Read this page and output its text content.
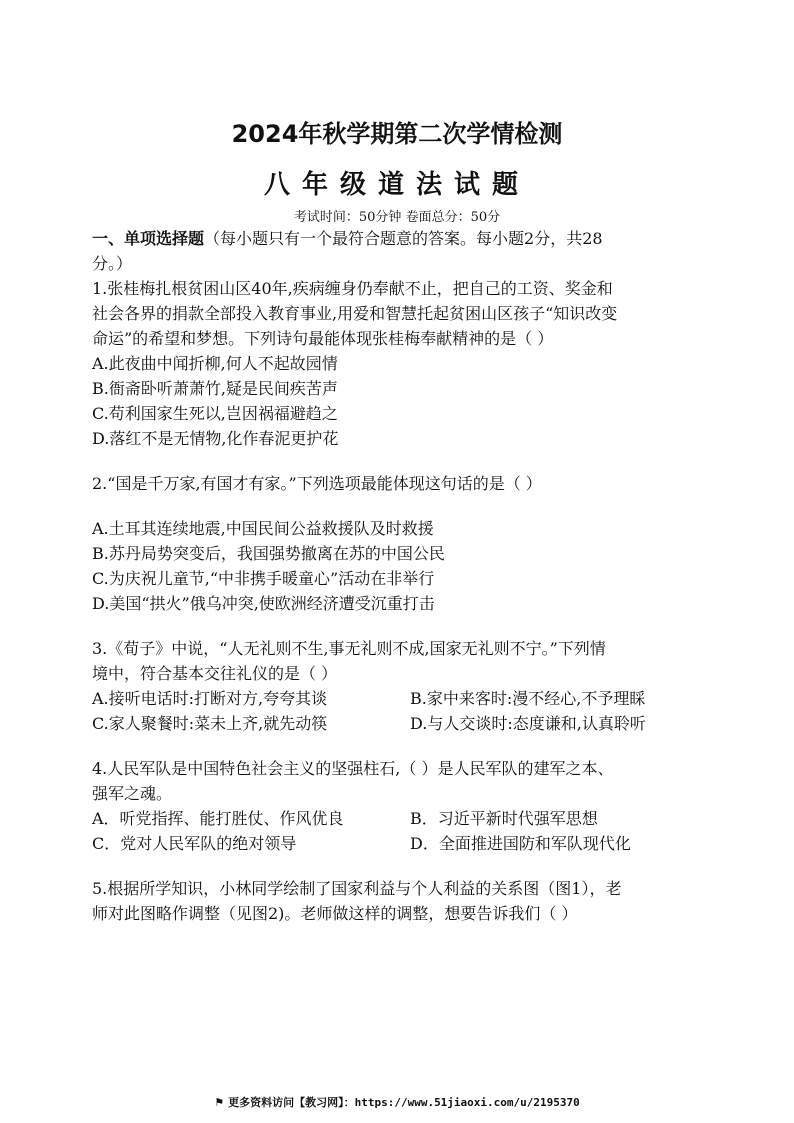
2024年秋学期第二次学情检测
八年级道法试题
考试时间：50分钟 卷面总分：50分

一、单项选择题（每小题只有一个最符合题意的答案。每小题2分，共28

分。）

1.张桂梅扎根贫困山区40年,疾病缠身仍奉献不止，把自己的工资、奖金和

社会各界的捐款全部投入教育事业,用爱和智慧托起贫困山区孩子“知识改变

命运”的希望和梦想。下列诗句最能体现张桂梅奉献精神的是（ ）

A.此夜曲中闻折柳,何人不起故园情

B.衙斋卧听萧萧竹,疑是民间疾苦声

C.苟利国家生死以,岂因祸福避趋之

D.落红不是无情物,化作春泥更护花

2.“国是千万家,有国才有家。”下列选项最能体现这句话的是（ ）

A.土耳其连续地震,中国民间公益救援队及时救援

B.苏丹局势突变后，我国强势撤离在苏的中国公民

C.为庆祝儿童节,“中非携手暖童心”活动在非举行

D.美国“拱火”俄乌冲突,使欧洲经济遭受沉重打击

3.《荀子》中说，“人无礼则不生,事无礼则不成,国家无礼则不宁。”下列情

境中，符合基本交往礼仪的是（ ）

A.接听电话时:打断对方,夸夸其谈	B.家中来客时:漫不经心,不予理睬
C.家人聚餐时:菜未上齐,就先动筷	D.与人交谈时:态度谦和,认真聆听

4.人民军队是中国特色社会主义的坚强柱石,（ ）是人民军队的建军之本、

强军之魂。

A．听党指挥、能打胜仗、作风优良	B．习近平新时代强军思想
C．党对人民军队的绝对领导	D．全面推进国防和军队现代化

5.根据所学知识，小林同学绘制了国家利益与个人利益的关系图（图1），老

师对此图略作调整（见图2)。老师做这样的调整，想要告诉我们（ ）

⚑ 更多资料访问【教习网】：https://www.51jiaoxi.com/u/2195370
